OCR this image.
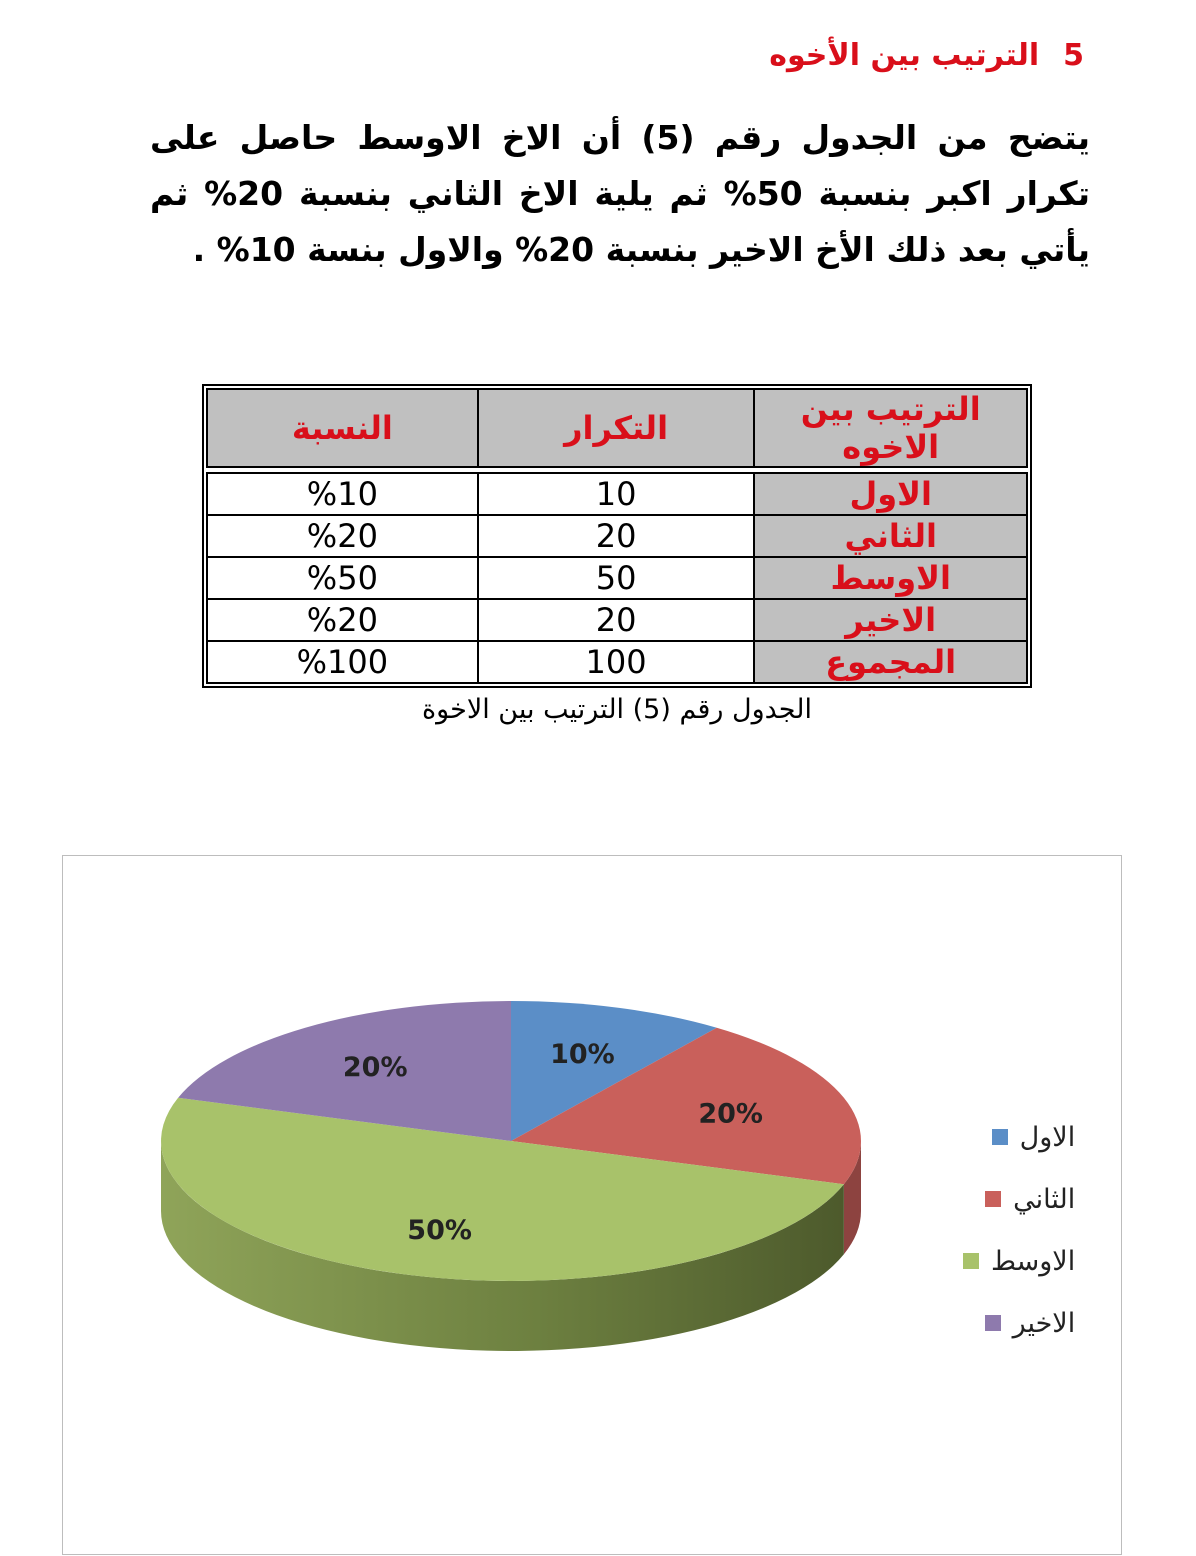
5الترتيب بين الأخوه
يتضح من الجدول رقم (5) أن الاخ الاوسط حاصل على تكرار اكبر بنسبة 50% ثم يلية الاخ الثاني بنسبة 20% ثم يأتي بعد ذلك الأخ الاخير بنسبة 20% والاول بنسة 10% .
الترتيب بين الاخوه	التكرار	النسبة

الاول	10	%10
الثاني	20	%20
الاوسط	50	%50
الاخير	20	%20
المجموع	100	%100
الجدول رقم (5) الترتيب بين الاخوة
10%
20%
50%
20%
الاول
الثاني
الاوسط
الاخير
